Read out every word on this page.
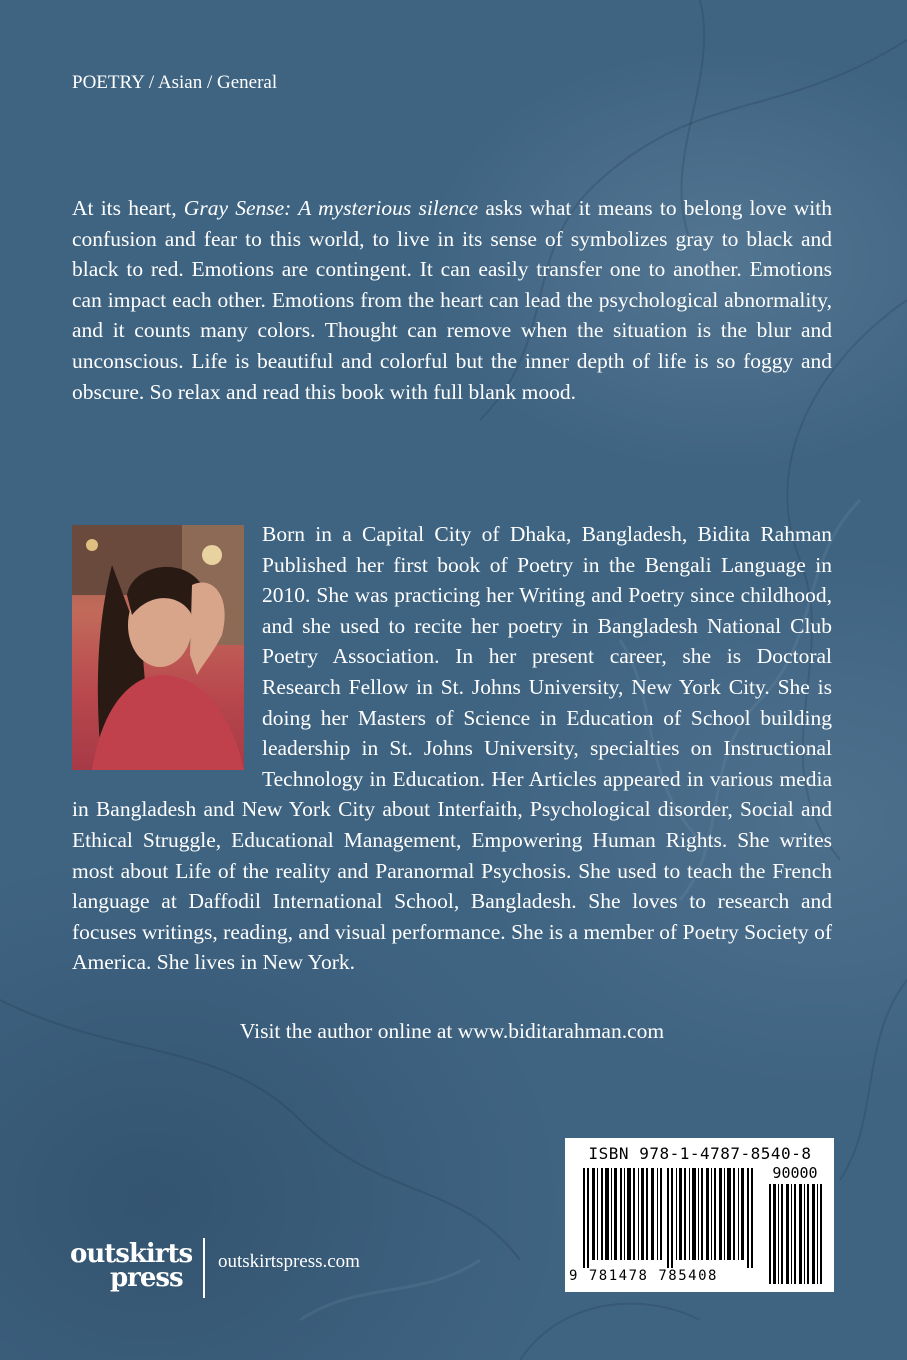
POETRY / Asian / General
At its heart, Gray Sense: A mysterious silence asks what it means to belong love with confusion and fear to this world, to live in its sense of symbolizes gray to black and black to red. Emotions are contingent. It can easily transfer one to another. Emotions can impact each other. Emotions from the heart can lead the psychological abnormality, and it counts many colors. Thought can remove when the situation is the blur and unconscious. Life is beautiful and colorful but the inner depth of life is so foggy and obscure. So relax and read this book with full blank mood.
Born in a Capital City of Dhaka, Bangladesh, Bidita Rahman Published her first book of Poetry in the Bengali Language in 2010. She was practicing her Writing and Poetry since childhood, and she used to recite her poetry in Bangladesh National Club Poetry Association. In her present career, she is Doctoral Research Fellow in St. Johns University, New York City. She is doing her Masters of Science in Education of School building leadership in St. Johns University, specialties on Instructional Technology in Education. Her Articles appeared in various media in Bangladesh and New York City about Interfaith, Psychological disorder, Social and Ethical Struggle, Educational Management, Empowering Human Rights. She writes most about Life of the reality and Paranormal Psychosis. She used to teach the French language at Daffodil International School, Bangladesh. She loves to research and focuses writings, reading, and visual performance. She is a member of Poetry Society of America. She lives in New York.
Visit the author online at www.biditarahman.com
ISBN 978-1-4787-8540-8
90000
9 781478 785408
outskirts
press
outskirtspress.com
